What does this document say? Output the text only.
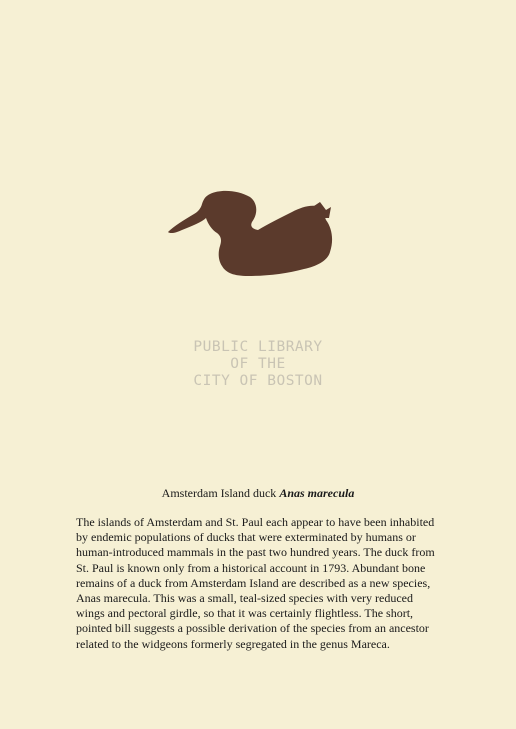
PUBLIC LIBRARY
OF THE
CITY OF BOSTON
Amsterdam Island duck Anas marecula

The islands of Amsterdam and St. Paul each appear to have been inhabited

by endemic populations of ducks that were exterminated by humans or

human-introduced mammals in the past two hundred years. The duck from

St. Paul is known only from a historical account in 1793. Abundant bone

remains of a duck from Amsterdam Island are described as a new species,

Anas marecula. This was a small, teal-sized species with very reduced

wings and pectoral girdle, so that it was certainly flightless. The short,

pointed bill suggests a possible derivation of the species from an ancestor

related to the widgeons formerly segregated in the genus Mareca.
